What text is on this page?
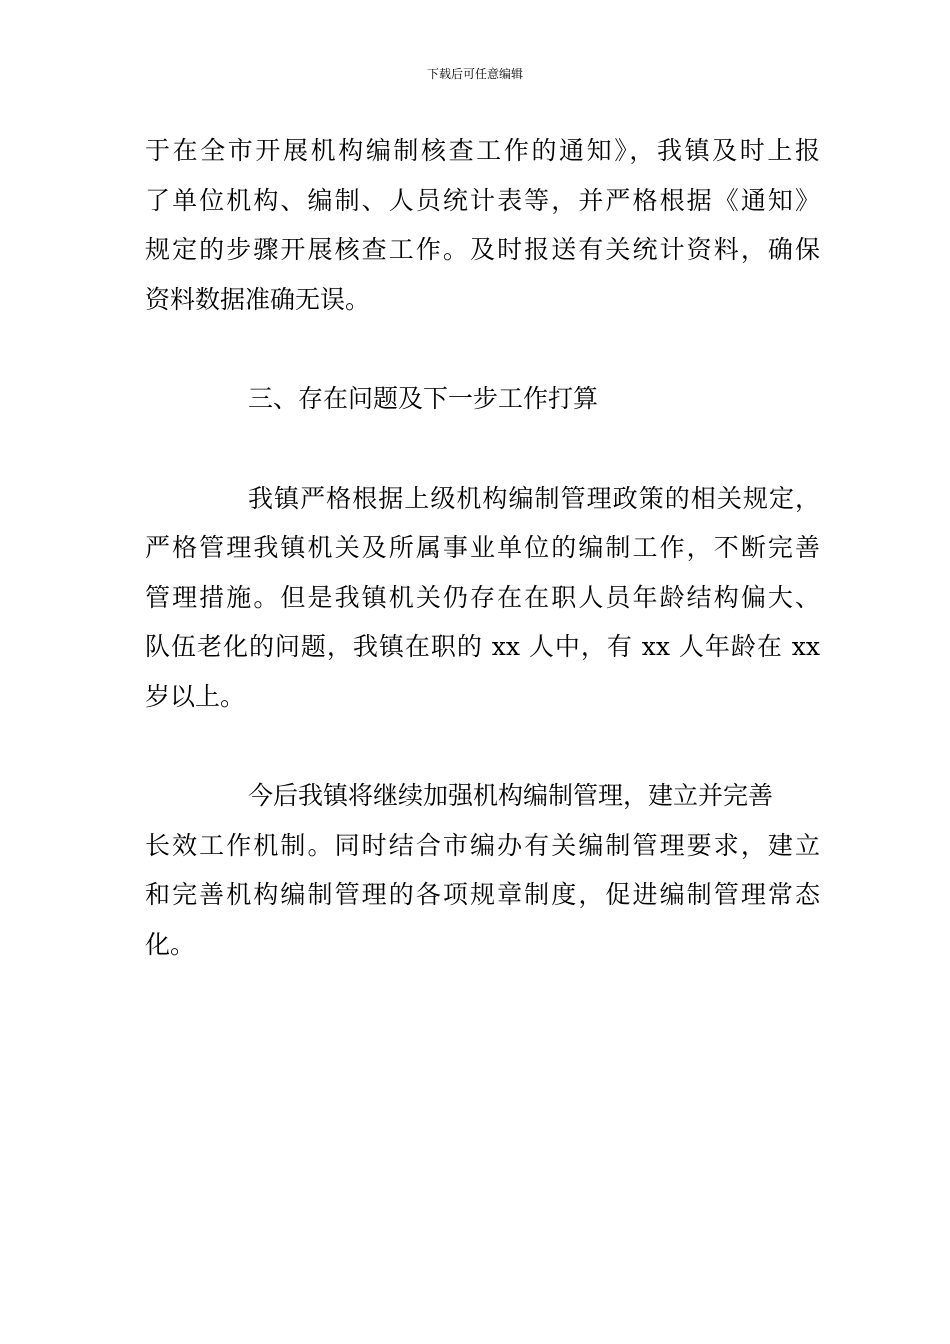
下载后可任意编辑
于在全市开展机构编制核查工作的通知》，我镇及时上报
了单位机构、编制、人员统计表等，并严格根据《通知》
规定的步骤开展核查工作。及时报送有关统计资料，确保
资料数据准确无误。
三、存在问题及下一步工作打算
我镇严格根据上级机构编制管理政策的相关规定，
严格管理我镇机关及所属事业单位的编制工作，不断完善
管理措施。但是我镇机关仍存在在职人员年龄结构偏大、
队伍老化的问题，我镇在职的 xx 人中，有 xx 人年龄在 xx
岁以上。
今后我镇将继续加强机构编制管理，建立并完善
长效工作机制。同时结合市编办有关编制管理要求，建立
和完善机构编制管理的各项规章制度，促进编制管理常态
化。
